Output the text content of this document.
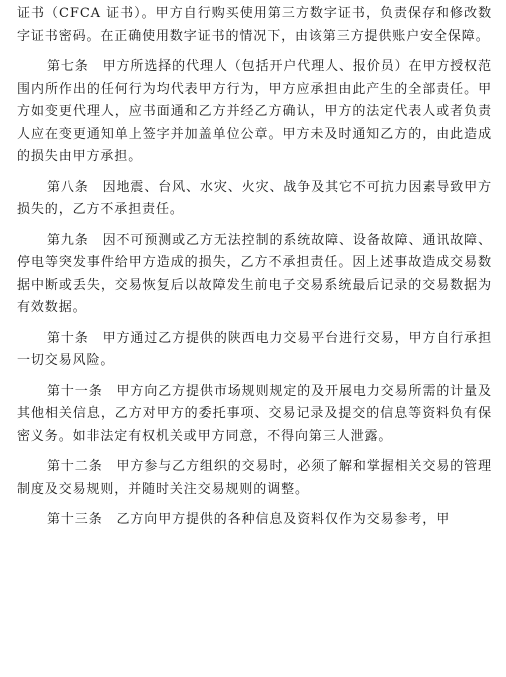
证书（CFCA 证书）。甲方自行购买使用第三方数字证书，负责保存和修改数字证书密码。在正确使用数字证书的情况下，由该第三方提供账户安全保障。

第七条　甲方所选择的代理人（包括开户代理人、报价员）在甲方授权范围内所作出的任何行为均代表甲方行为，甲方应承担由此产生的全部责任。甲方如变更代理人，应书面通和乙方并经乙方确认，甲方的法定代表人或者负责人应在变更通知单上签字并加盖单位公章。甲方未及时通知乙方的，由此造成的损失由甲方承担。

第八条　因地震、台风、水灾、火灾、战争及其它不可抗力因素导致甲方损失的，乙方不承担责任。

第九条　因不可预测或乙方无法控制的系统故障、设备故障、通讯故障、停电等突发事件给甲方造成的损失，乙方不承担责任。因上述事故造成交易数据中断或丢失，交易恢复后以故障发生前电子交易系统最后记录的交易数据为有效数据。

第十条　甲方通过乙方提供的陕西电力交易平台进行交易，甲方自行承担一切交易风险。

第十一条　甲方向乙方提供市场规则规定的及开展电力交易所需的计量及其他相关信息，乙方对甲方的委托事项、交易记录及提交的信息等资料负有保密义务。如非法定有权机关或甲方同意，不得向第三人泄露。

第十二条　甲方参与乙方组织的交易时，必须了解和掌握相关交易的管理制度及交易规则，并随时关注交易规则的调整。

第十三条　乙方向甲方提供的各种信息及资料仅作为交易参考，甲
